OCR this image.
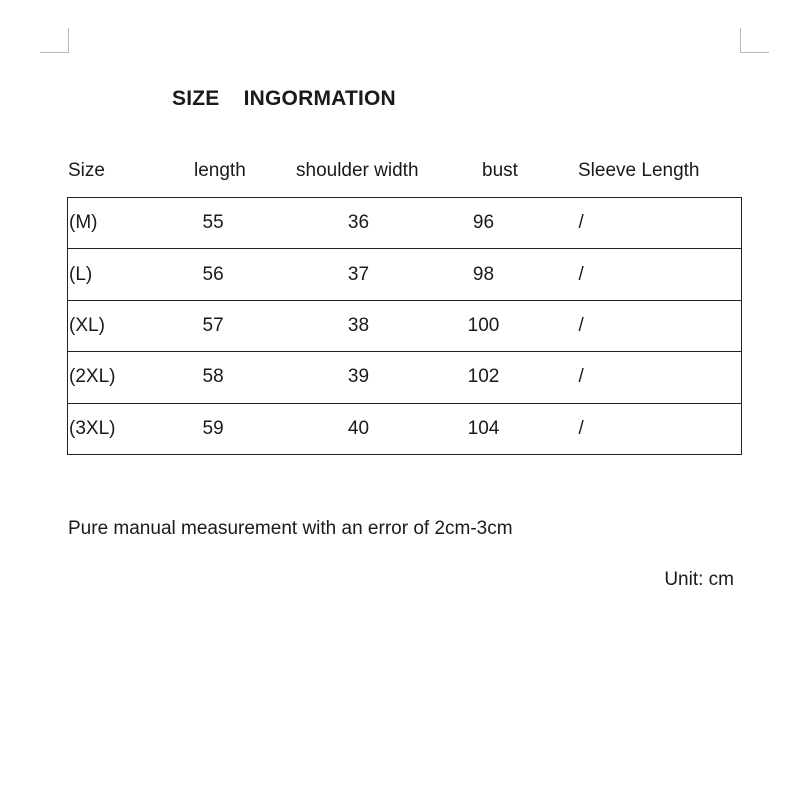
SIZE    INGORMATION
Size	length	shoulder width	bust	Sleeve Length
(M)	55	36	96	/
(L)	56	37	98	/
(XL)	57	38	100	/
(2XL)	58	39	102	/
(3XL)	59	40	104	/
Pure manual measurement with an error of 2cm-3cm
Unit: cm
